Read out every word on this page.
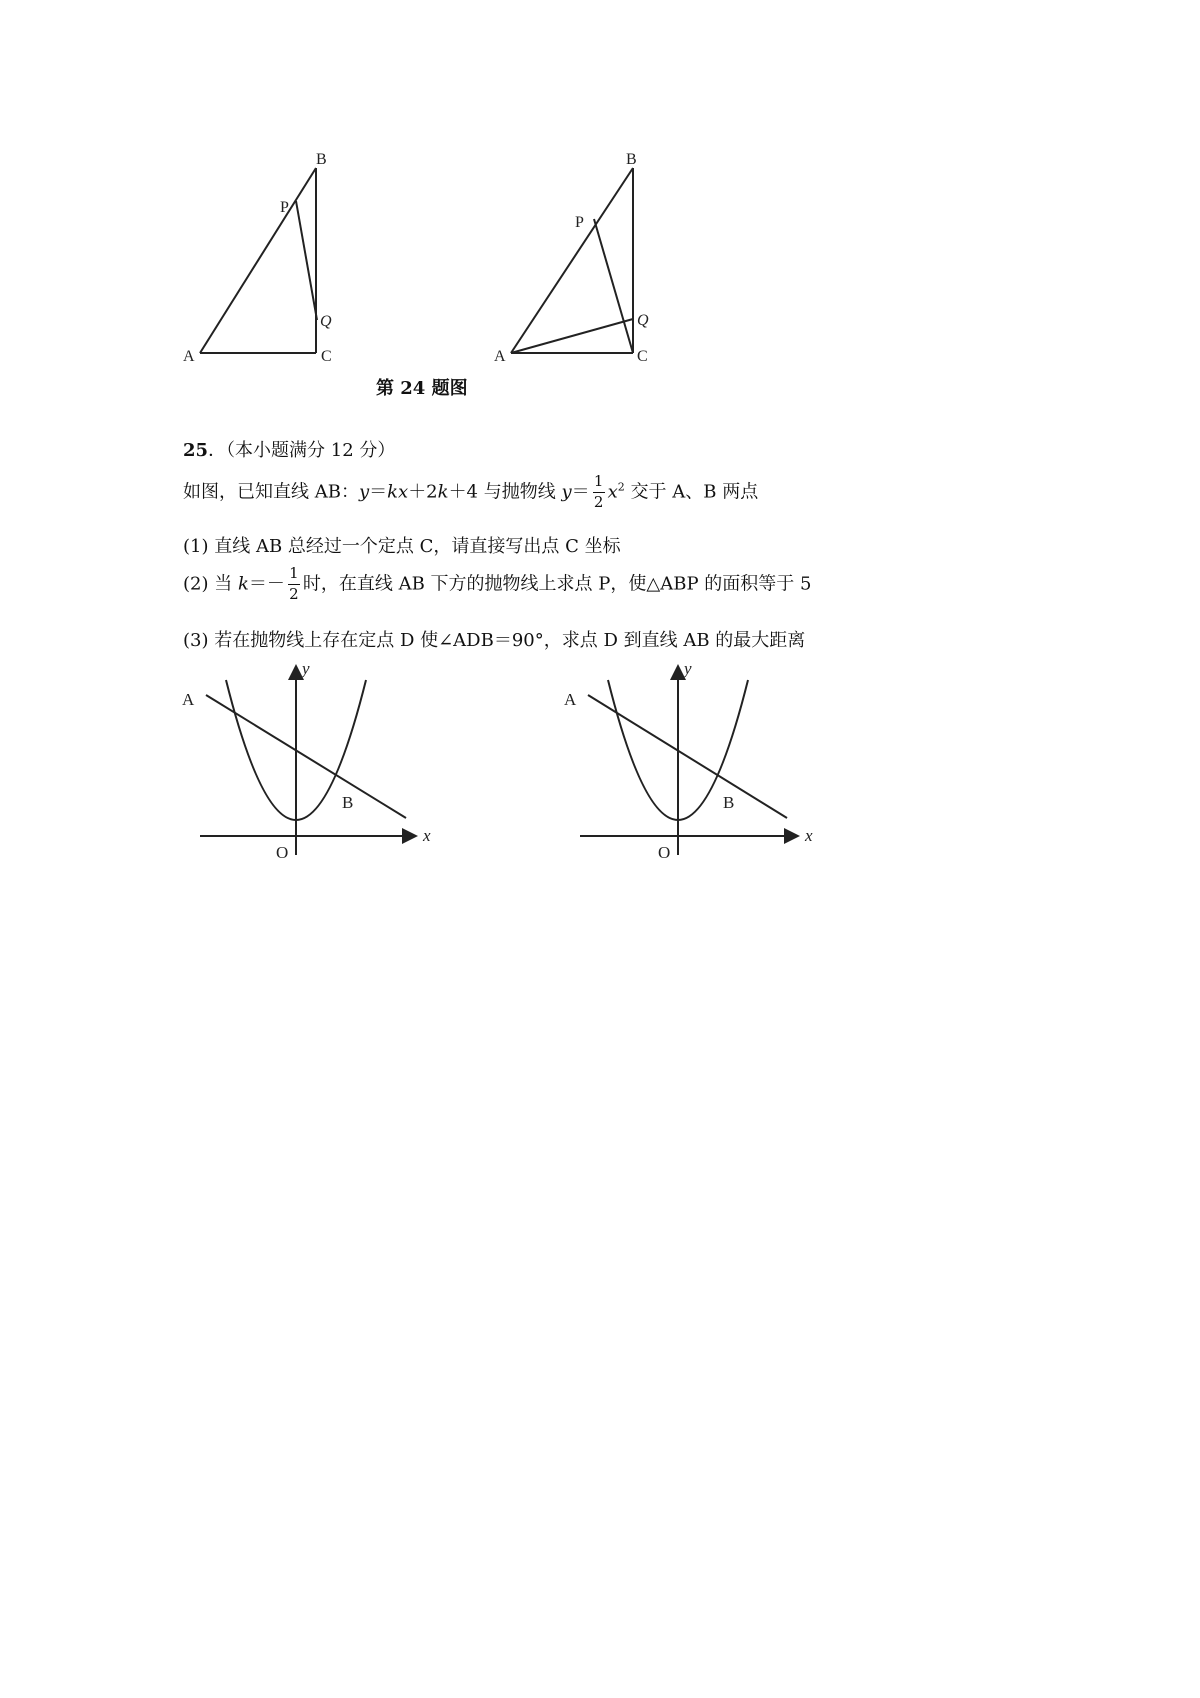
A
B
C
P
Q
A
B
C
P
Q
第 24 题图
25．（本小题满分 12 分）
如图，已知直线 AB：y＝kx＋2k＋4 与抛物线 $y= \frac{1}{2} x^2$ 交于 A、B 两点
(1) 直线 AB 总经过一个定点 C，请直接写出点 C 坐标
(2) 当 $k=- \frac{1}{2}$ 时，在直线 AB 下方的抛物线上求点 P，使△ABP 的面积等于 5
(3) 若在抛物线上存在定点 D 使∠ADB＝90°，求点 D 到直线 AB 的最大距离
A
B
O
x
y
A
B
O
x
y
